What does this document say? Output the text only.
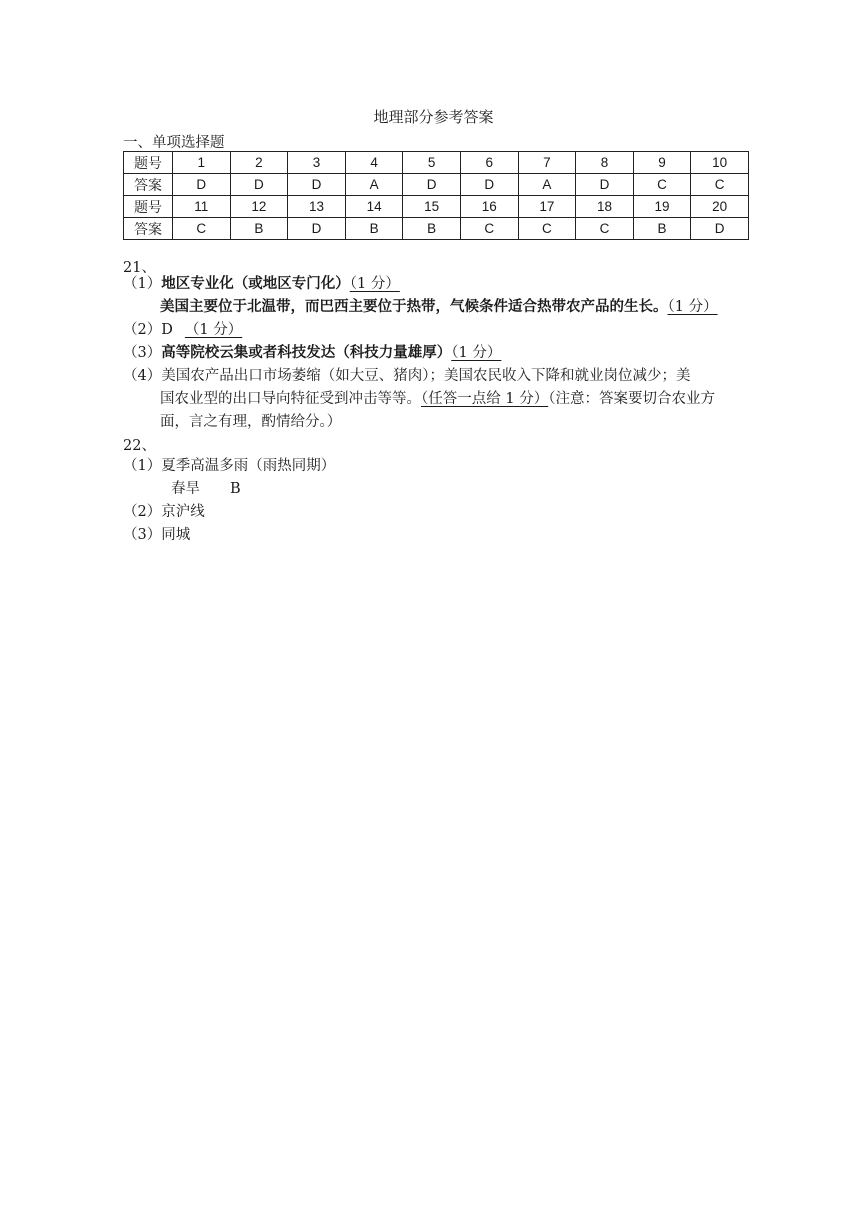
地理部分参考答案
一、单项选择题
题号	1	2	3	4	5	6	7	8	9	10
答案	D	D	D	A	D	D	A	D	C	C
题号	11	12	13	14	15	16	17	18	19	20
答案	C	B	D	B	B	C	C	C	B	D
21、
（1）地区专业化（或地区专门化）（1 分）
美国主要位于北温带，而巴西主要位于热带，气候条件适合热带农产品的生长。（1 分）
（2）D （1 分）
（3）高等院校云集或者科技发达（科技力量雄厚）（1 分）
（4）美国农产品出口市场萎缩（如大豆、猪肉）；美国农民收入下降和就业岗位减少；美
国农业型的出口导向特征受到冲击等等。（任答一点给 1 分）（注意：答案要切合农业方
面，言之有理，酌情给分。）
22、
（1）夏季高温多雨（雨热同期）
春旱 B
（2）京沪线
（3）同城
